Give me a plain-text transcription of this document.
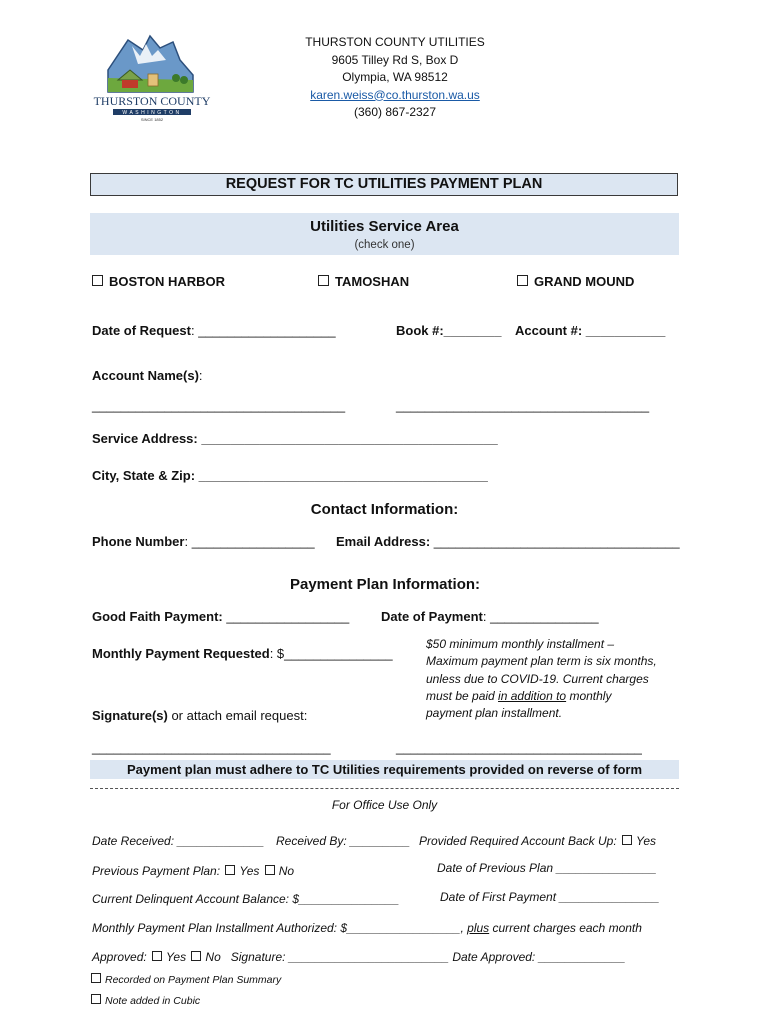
THURSTON COUNTY
WASHINGTON
SINCE 1852
THURSTON COUNTY UTILITIES
9605 Tilley Rd S, Box D
Olympia, WA 98512
karen.weiss@co.thurston.wa.us
(360) 867-2327
REQUEST FOR TC UTILITIES PAYMENT PLAN
Utilities Service Area
(check one)
BOSTON HARBOR	TAMOSHAN	GRAND MOUND
Date of Request: ___________________	Book #:________ Account #: ___________
Account Name(s):
___________________________________	___________________________________
Service Address: _________________________________________
City, State & Zip: ________________________________________
Contact Information:
Phone Number: _________________ Email Address: __________________________________
Payment Plan Information:
Good Faith Payment: _________________ Date of Payment: _______________
Monthly Payment Requested: $_______________
$50 minimum monthly installment –
Maximum payment plan term is six months,
unless due to COVID-19. Current charges
must be paid in addition to monthly
payment plan installment.
Signature(s) or attach email request:
_________________________________	__________________________________
Payment plan must adhere to TC Utilities requirements provided on reverse of form
For Office Use Only
Date Received: _____________ Received By: _________ Provided Required Account Back Up: Yes
Previous Payment Plan: Yes No	Date of Previous Plan _______________
Current Delinquent Account Balance: $_______________	Date of First Payment _______________
Monthly Payment Plan Installment Authorized: $_________________, plus current charges each month
Approved: Yes No Signature: ________________________ Date Approved: _____________
Recorded on Payment Plan Summary
Note added in Cubic
